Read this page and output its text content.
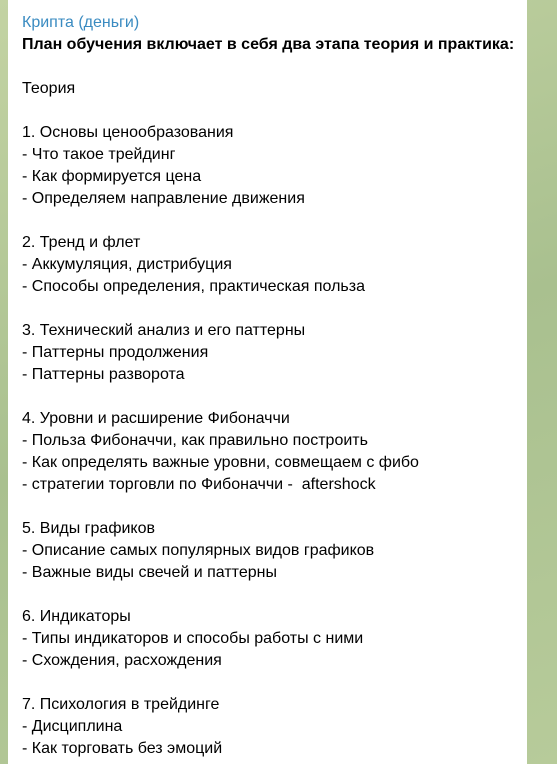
Крипта (деньги)
План обучения включает в себя два этапа теория и практика:
Теория
1. Основы ценообразования
- Что такое трейдинг
- Как формируется цена
- Определяем направление движения
2. Тренд и флет
- Аккумуляция, дистрибуция
- Способы определения, практическая польза
3. Технический анализ и его паттерны
- Паттерны продолжения
- Паттерны разворота
4. Уровни и расширение Фибоначчи
- Польза Фибоначчи, как правильно построить
- Как определять важные уровни, совмещаем с фибо
- стратегии торговли по Фибоначчи -  aftershock
5. Виды графиков
- Описание самых популярных видов графиков
- Важные виды свечей и паттерны
6. Индикаторы
- Типы индикаторов и способы работы с ними
- Схождения, расхождения
7. Психология в трейдинге
- Дисциплина
- Как торговать без эмоций
